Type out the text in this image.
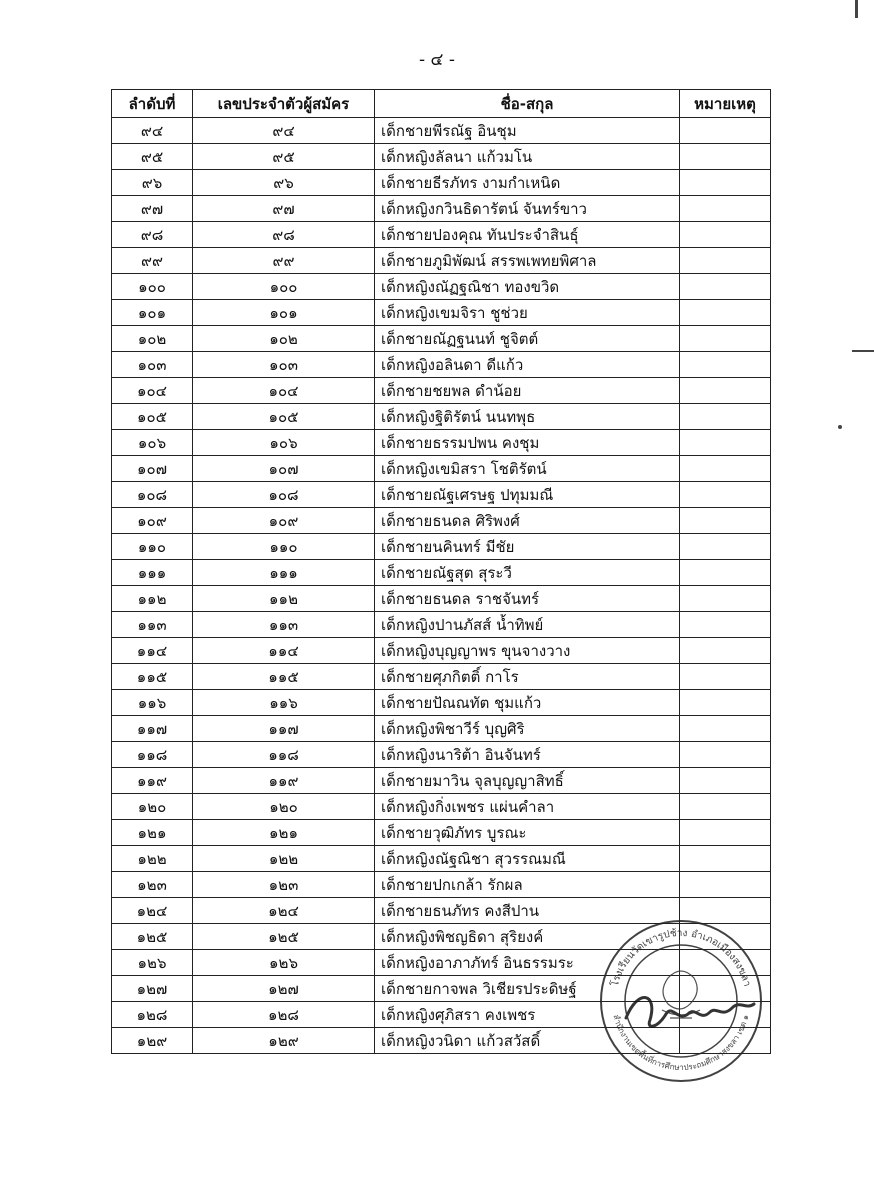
- ๔ -
ลำดับที่	เลขประจำตัวผู้สมัคร	ชื่อ-สกุล	หมายเหตุ
๙๔	๙๔	เด็กชายพีรณัฐ อินชุม	
๙๕	๙๕	เด็กหญิงลัลนา แก้วมโน	
๙๖	๙๖	เด็กชายธีรภัทร งามกำเหนิด	
๙๗	๙๗	เด็กหญิงกวินธิดารัตน์ จันทร์ขาว	
๙๘	๙๘	เด็กชายปองคุณ ทันประจำสินธุ์	
๙๙	๙๙	เด็กชายภูมิพัฒน์ สรรพเพทยพิศาล	
๑๐๐	๑๐๐	เด็กหญิงณัฏฐณิชา ทองขวิด	
๑๐๑	๑๐๑	เด็กหญิงเขมจิรา ชูช่วย	
๑๐๒	๑๐๒	เด็กชายณัฏฐนนท์ ชูจิตต์	
๑๐๓	๑๐๓	เด็กหญิงอลินดา ดีแก้ว	
๑๐๔	๑๐๔	เด็กชายชยพล ดำน้อย	
๑๐๕	๑๐๕	เด็กหญิงฐิติรัตน์ นนทพุธ	
๑๐๖	๑๐๖	เด็กชายธรรมปพน คงชุม	
๑๐๗	๑๐๗	เด็กหญิงเขมิสรา โชติรัตน์	
๑๐๘	๑๐๘	เด็กชายณัฐเศรษฐ ปทุมมณี	
๑๐๙	๑๐๙	เด็กชายธนดล ศิริพงศ์	
๑๑๐	๑๑๐	เด็กชายนคินทร์ มีชัย	
๑๑๑	๑๑๑	เด็กชายณัฐสุต สุระวี	
๑๑๒	๑๑๒	เด็กชายธนดล ราชจันทร์	
๑๑๓	๑๑๓	เด็กหญิงปานภัสส์ น้ำทิพย์	
๑๑๔	๑๑๔	เด็กหญิงบุญญาพร ขุนจางวาง	
๑๑๕	๑๑๕	เด็กชายศุภกิตติ์ กาโร	
๑๑๖	๑๑๖	เด็กชายปัณณทัต ชุมแก้ว	
๑๑๗	๑๑๗	เด็กหญิงพิชาวีร์ บุญศิริ	
๑๑๘	๑๑๘	เด็กหญิงนาริต้า อินจันทร์	
๑๑๙	๑๑๙	เด็กชายมาวิน จุลบุญญาสิทธิ์	
๑๒๐	๑๒๐	เด็กหญิงกิ่งเพชร แผ่นคำลา	
๑๒๑	๑๒๑	เด็กชายวุฒิภัทร บูรณะ	
๑๒๒	๑๒๒	เด็กหญิงณัฐณิชา สุวรรณมณี	
๑๒๓	๑๒๓	เด็กชายปกเกล้า รักผล	
๑๒๔	๑๒๔	เด็กชายธนภัทร คงสีปาน	
๑๒๕	๑๒๕	เด็กหญิงพิชญธิดา สุริยงค์	
๑๒๖	๑๒๖	เด็กหญิงอาภาภัทร์ อินธรรมระ	
๑๒๗	๑๒๗	เด็กชายกาจพล วิเชียรประดิษฐ์	
๑๒๘	๑๒๘	เด็กหญิงศุภิสรา คงเพชร	
๑๒๙	๑๒๙	เด็กหญิงวนิดา แก้วสวัสดิ์	
โรงเรียนวัดเขารูปช้าง อำเภอเมืองสงขลา
สำนักงานเขตพื้นที่การศึกษาประถมศึกษาสงขลา เขต ๑
